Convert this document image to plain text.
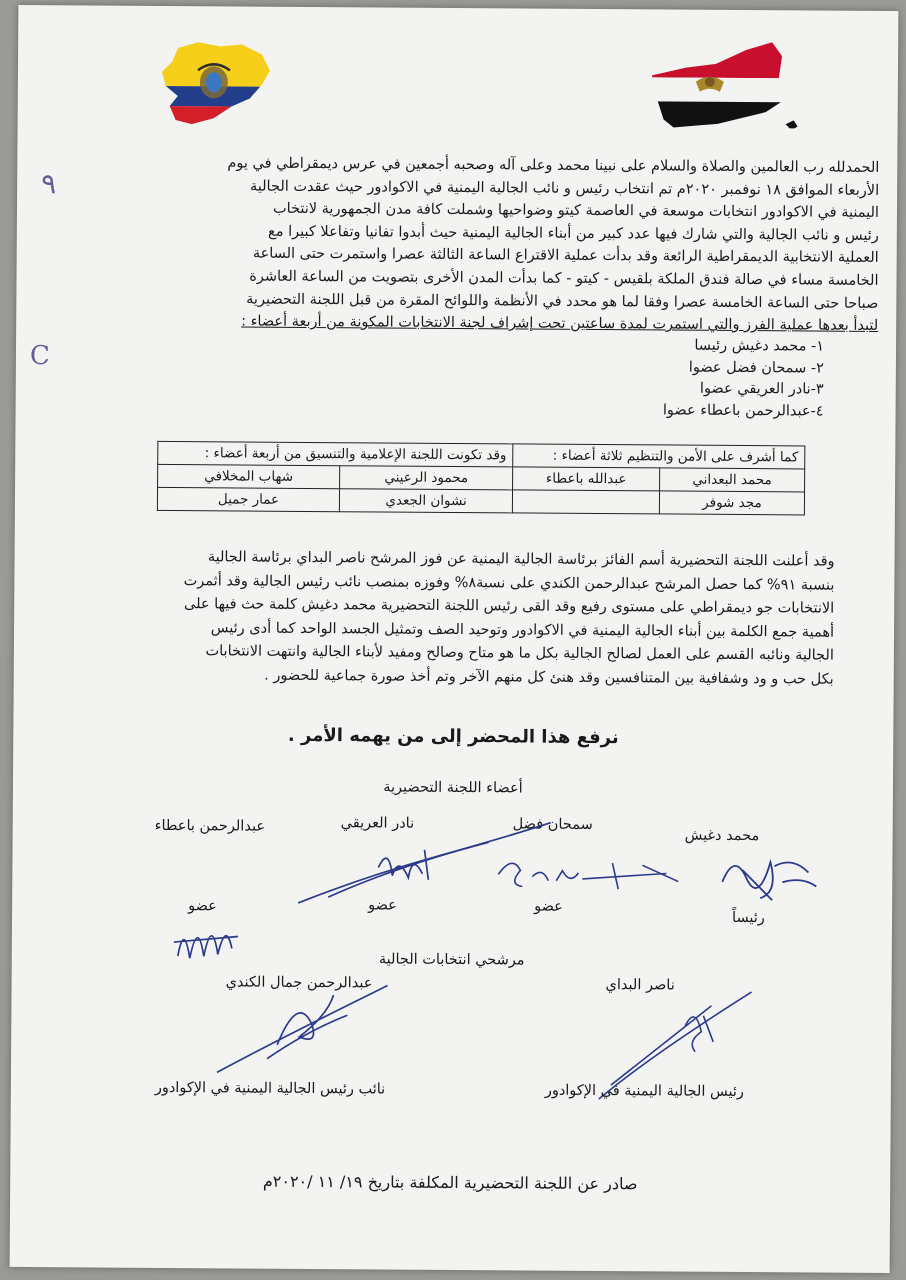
٩
C

الحمدلله رب العالمين والصلاة والسلام على نبينا محمد وعلى آله وصحبه أجمعين في عرس ديمقراطي في يوم

الأربعاء الموافق ١٨ نوفمبر ٢٠٢٠م تم انتخاب رئيس و نائب الجالية اليمنية في الاكوادور حيث عقدت الجالية

اليمنية في الاكوادور انتخابات موسعة في العاصمة كيتو وضواحيها وشملت كافة مدن الجمهورية لانتخاب

رئيس و نائب الجالية والتي شارك فيها عدد كبير من أبناء الجالية اليمنية حيث أبدوا تفانيا وتفاعلا كبيرا مع

العملية الانتخابية الديمقراطية الرائعة وقد بدأت عملية الاقتراع الساعة الثالثة عصرا واستمرت حتى الساعة

الخامسة مساء في صالة فندق الملكة بلقيس - كيتو - كما بدأت المدن الأخرى بتصويت من الساعة العاشرة

صباحا حتى الساعة الخامسة عصرا وفقا لما هو محدد في الأنظمة واللوائح المقرة من قبل اللجنة التحضيرية

لتبدأ بعدها عملية الفرز والتي استمرت لمدة ساعتين تحت إشراف لجنة الانتخابات المكونة من أربعة أعضاء :

١- محمد دغيش رئيسا
٢- سمحان فضل عضوا
٣-نادر العريقي عضوا
٤-عبدالرحمن باعطاء عضوا
كما أشرف على الأمن والتنظيم ثلاثة أعضاء :		وقد تكونت اللجنة الإعلامية والتنسيق من أربعة أعضاء :	
محمد البعداني	عبدالله باعطاء	محمود الرعيني	شهاب المخلافي
مجد شوفر		نشوان الجعدي	عمار جميل

وقد أعلنت اللجنة التحضيرية أسم الفائز برئاسة الجالية اليمنية عن فوز المرشح ناصر البداي برئاسة الجالية

بنسبة ٩١% كما حصل المرشح عبدالرحمن الكندي على نسبة٨% وفوزه بمنصب نائب رئيس الجالية وقد أثمرت

الانتخابات جو ديمقراطي على مستوى رفيع وقد القى رئيس اللجنة التحضيرية محمد دغيش كلمة حث فيها على

أهمية جمع الكلمة بين أبناء الجالية اليمنية في الاكوادور وتوحيد الصف وتمثيل الجسد الواحد كما أدى رئيس

الجالية ونائبه القسم على العمل لصالح الجالية بكل ما هو متاح وصالح ومفيد لأبناء الجالية وانتهت الانتخابات

بكل حب و ود وشفافية بين المتنافسين وقد هنئ كل منهم الآخر وتم أخذ صورة جماعية للحضور .

نرفع هذا المحضر إلى من يهمه الأمر .
أعضاء اللجنة التحضيرية
محمد دغيش
سمحان فضل
نادر العريقي
عبدالرحمن باعطاء
رئيساً
عضو
عضو
عضو
Sam
مرشحي انتخابات الجالية
ناصر البداي
عبدالرحمن جمال الكندي
رئيس الجالية اليمنية في الإكوادور
نائب رئيس الجالية اليمنية في الإكوادور
صادر عن اللجنة التحضيرية المكلفة بتاريخ ١٩/ ١١ /٢٠٢٠م
